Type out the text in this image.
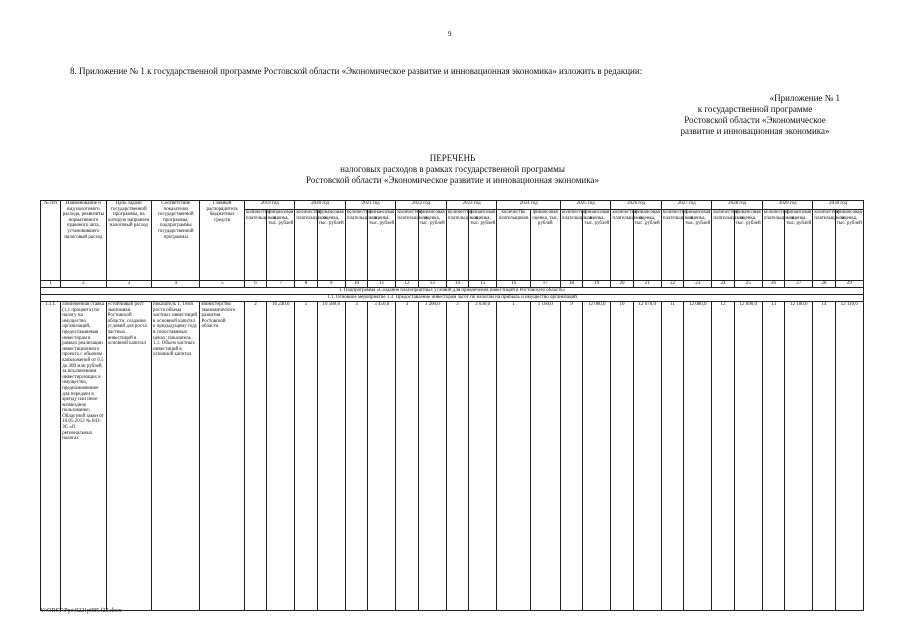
9
8. Приложение № 1 к государственной программе Ростовской области «Экономическое развитие и инновационная экономика» изложить в редакции:
«Приложение № 1
к государственной программе
Ростовской области «Экономическое
развитие и инновационная экономика»
ПЕРЕЧЕНЬ
налоговых расходов в рамках государственной программы
Ростовской области «Экономическое развитие и инновационная экономика»
№ п/п	Наименование и вид налогового расхода, реквизиты нормативного правового акта, установившего налоговый расход	Цель задачи государственной программы, на которую направлен налоговый расход	Соответствие показателю государственной программы, подпрограммы государственной программы	Главный распорядитель бюджетных средств	2019 год		2020 год		2021 год		2022 год		2023 год		2024 год		2025 год		2026 год		2027 год		2028 год		2029 год		2030 год	
					количество плательщиков	финансовая оценка, тыс. рублей	количество плательщиков	финансовая оценка, тыс. рублей	количество плательщиков	финансовая оценка, тыс. рублей	количество плательщиков	финансовая оценка, тыс. рублей	количество плательщиков	финансовая оценка, тыс. рублей	количество плательщиков	финансовая оценка, тыс. рублей	количество плательщиков	финансовая оценка, тыс. рублей	количество плательщиков	финансовая оценка, тыс. рублей	количество плательщиков	финансовая оценка, тыс. рублей	количество плательщиков	финансовая оценка, тыс. рублей	количество плательщиков	финансовая оценка, тыс. рублей	количество плательщиков	финансовая оценка, тыс. рублей
1	2	3	4	5	6	7	8	9	10	11	12	13	14	15	16	17	18	19	20	21	22	23	24	25	26	27	28	29
1. Подпрограмма «Создание благоприятных условий для привлечения инвестиций в Ростовскую область»																												
1.1. Основное мероприятие 1.3. Предоставление инвесторам льгот по налогам на прибыль и имущество организаций																												
1.1.1.	Пониженная ставка (1,1 процента) по налогу на имущество организаций, предоставляемая инвесторам в рамках реализации инвестиционного проекта с объемом капвложений от 0,5 до 300 млн рублей, за исключением инвестирующих в имущество, предназначенное для передачи в аренду или иное возмездное пользование; Областной закон от 10.05.2012 № 843-ЗС «О региональных налогах	устойчивый рост экономики Ростовской области, создание условий для роста частных инвестиций в основной капитал	показатель 1. Темп роста объема частных инвестиций в основной капитал к предыдущему году в сопоставимых ценах; показатель 1.1. Объем частных инвестиций в основной капитал	министерство экономического развития Ростовской области	2	16 240,0	5	10 580,0	3	3 450,0	3	3 200,0	3	3 030,0	1	1 160,0	9	12 060,0	10	12 070,0	11	12 080,0	12	12 090,0	13	12 100,0	14	12 110,0
Y:\ORST\Ppo\0221p085.f22.docx
